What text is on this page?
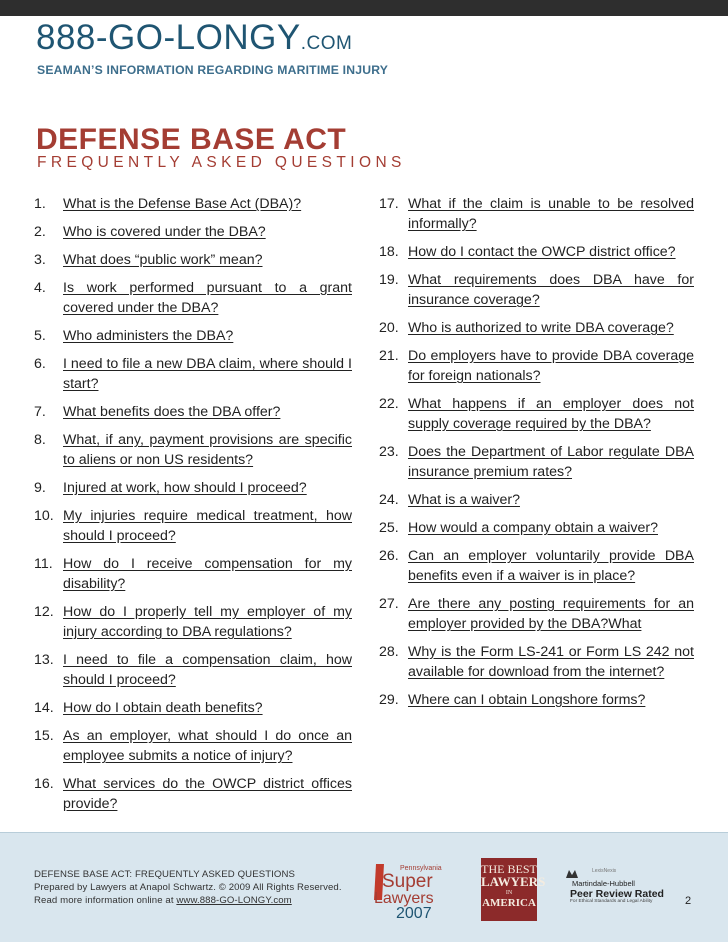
888-GO-LONGY.COM
SEAMAN’S INFORMATION REGARDING MARITIME INJURY
DEFENSE BASE ACT
FREQUENTLY ASKED QUESTIONS
1.	What is the Defense Base Act (DBA)?
2.	Who is covered under the DBA?
3.	What does “public work” mean?
4.	Is work performed pursuant to a grant covered under the DBA?
5.	Who administers the DBA?
6.	I need to file a new DBA claim, where should I start?
7.	What benefits does the DBA offer?
8.	What, if any, payment provisions are specific to aliens or non US residents?
9.	Injured at work, how should I proceed?
10. My injuries require medical treatment, how should I proceed?
11. How do I receive compensation for my disability?
12. How do I properly tell my employer of my injury according to DBA regulations?
13. I need to file a compensation claim, how should I proceed?
14. How do I obtain death benefits?
15. As an employer, what should I do once an employee submits a notice of injury?
16. What services do the OWCP district offices provide?
17. What if the claim is unable to be resolved informally?
18. How do I contact the OWCP district office?
19. What requirements does DBA have for insurance coverage?
20. Who is authorized to write DBA coverage?
21. Do employers have to provide DBA coverage for foreign nationals?
22. What happens if an employer does not supply coverage required by the DBA?
23. Does the Department of Labor regulate DBA insurance premium rates?
24. What is a waiver?
25. How would a company obtain a waiver?
26. Can an employer voluntarily provide DBA benefits even if a waiver is in place?
27. Are there any posting requirements for an employer provided by the DBA?What
28. Why is the Form LS-241 or Form LS 242 not available for download from the internet?
29. Where can I obtain Longshore forms?
DEFENSE BASE ACT: FREQUENTLY ASKED QUESTIONS
Prepared by Lawyers at Anapol Schwartz. © 2009 All Rights Reserved.
Read more information online at www.888-GO-LONGY.com
Pennsylvania
Super
Lawyers
2007
THE BEST
LAWYERS
IN
AMERICA
LexisNexis
Martindale-Hubbell
Peer Review Rated
For Ethical Standards and Legal Ability	2
